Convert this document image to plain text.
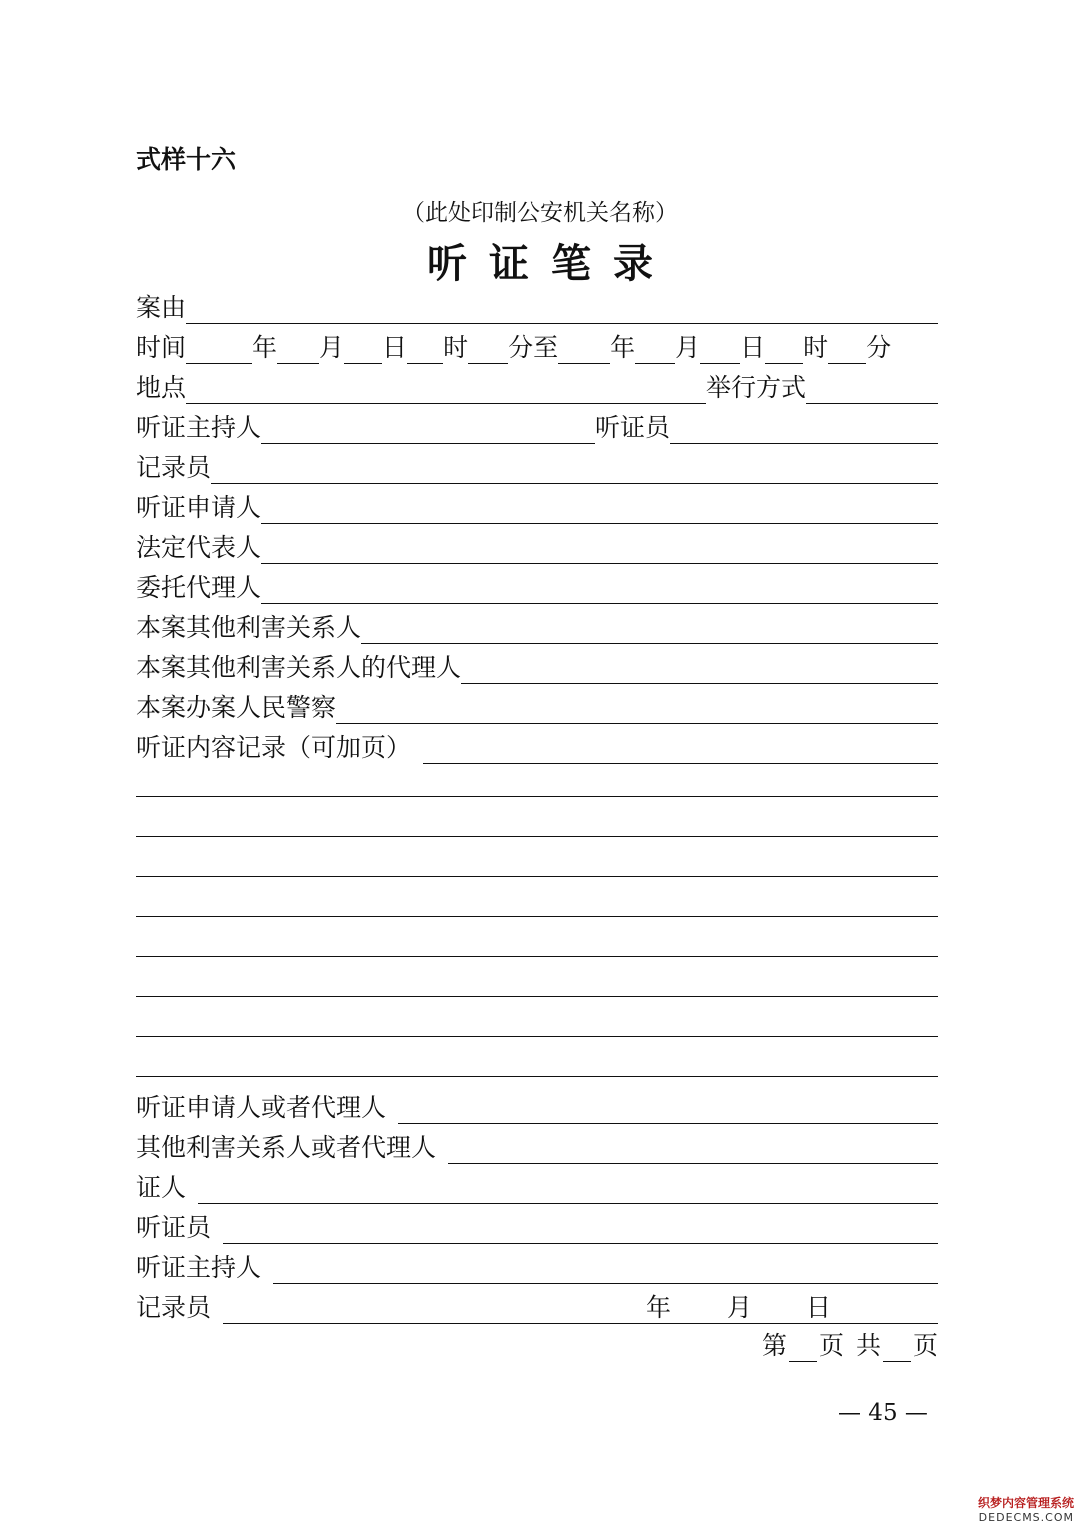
式样十六
（此处印制公安机关名称）
听证笔录
案由
时间	年 月 日 时 分至 年 月 日 时 分
地点	举行方式
听证主持人	听证员
记录员
听证申请人
法定代表人
委托代理人
本案其他利害关系人
本案其他利害关系人的代理人
本案办案人民警察
听证内容记录（可加页）
听证申请人或者代理人
其他利害关系人或者代理人
证人
听证员
听证主持人
记录员	年 月 日
第 页 共 页
— 45 —
织梦内容管理系统
DEDECMS.COM
